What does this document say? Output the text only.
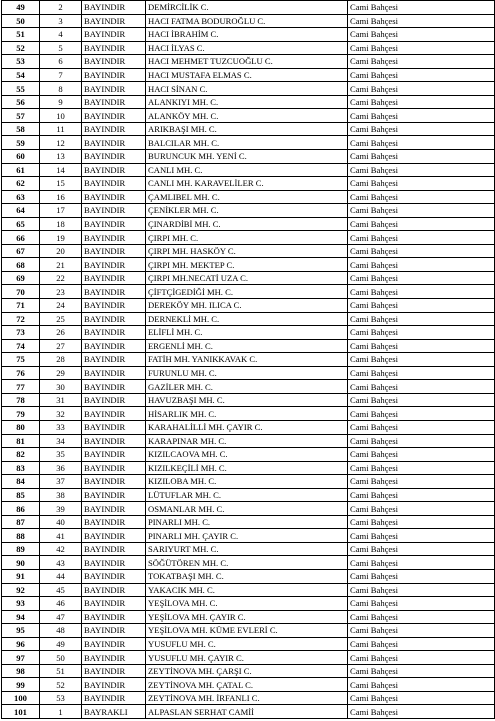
49	2	BAYINDIR	DEMİRCİLİK C.	Cami Bahçesi
50	3	BAYINDIR	HACI FATMA BODUROĞLU C.	Cami Bahçesi
51	4	BAYINDIR	HACI İBRAHİM C.	Cami Bahçesi
52	5	BAYINDIR	HACI İLYAS C.	Cami Bahçesi
53	6	BAYINDIR	HACI MEHMET TUZCUOĞLU C.	Cami Bahçesi
54	7	BAYINDIR	HACI MUSTAFA ELMAS C.	Cami Bahçesi
55	8	BAYINDIR	HACI SİNAN C.	Cami Bahçesi
56	9	BAYINDIR	ALANKIYI MH. C.	Cami Bahçesi
57	10	BAYINDIR	ALANKÖY MH. C.	Cami Bahçesi
58	11	BAYINDIR	ARIKBAŞI MH. C.	Cami Bahçesi
59	12	BAYINDIR	BALCILAR MH. C.	Cami Bahçesi
60	13	BAYINDIR	BURUNCUK MH. YENİ C.	Cami Bahçesi
61	14	BAYINDIR	CANLI MH. C.	Cami Bahçesi
62	15	BAYINDIR	CANLI MH. KARAVELİLER C.	Cami Bahçesi
63	16	BAYINDIR	ÇAMLIBEL MH. C.	Cami Bahçesi
64	17	BAYINDIR	ÇENİKLER MH. C.	Cami Bahçesi
65	18	BAYINDIR	ÇINARDİBİ MH. C.	Cami Bahçesi
66	19	BAYINDIR	ÇIRPI MH. C.	Cami Bahçesi
67	20	BAYINDIR	ÇIRPI MH. HASKÖY C.	Cami Bahçesi
68	21	BAYINDIR	ÇIRPI MH. MEKTEP C.	Cami Bahçesi
69	22	BAYINDIR	ÇIRPI MH.NECATİ UZA C.	Cami Bahçesi
70	23	BAYINDIR	ÇİFTÇİGEDİĞİ MH. C.	Cami Bahçesi
71	24	BAYINDIR	DEREKÖY MH. ILICA C.	Cami Bahçesi
72	25	BAYINDIR	DERNEKLİ MH. C.	Cami Bahçesi
73	26	BAYINDIR	ELİFLİ MH. C.	Cami Bahçesi
74	27	BAYINDIR	ERGENLİ MH. C.	Cami Bahçesi
75	28	BAYINDIR	FATİH MH. YANIKKAVAK C.	Cami Bahçesi
76	29	BAYINDIR	FURUNLU MH. C.	Cami Bahçesi
77	30	BAYINDIR	GAZİLER MH. C.	Cami Bahçesi
78	31	BAYINDIR	HAVUZBAŞI MH. C.	Cami Bahçesi
79	32	BAYINDIR	HİSARLIK MH. C.	Cami Bahçesi
80	33	BAYINDIR	KARAHALİLLİ MH. ÇAYIR C.	Cami Bahçesi
81	34	BAYINDIR	KARAPINAR MH. C.	Cami Bahçesi
82	35	BAYINDIR	KIZILCAOVA MH. C.	Cami Bahçesi
83	36	BAYINDIR	KIZILKEÇİLİ MH. C.	Cami Bahçesi
84	37	BAYINDIR	KIZILOBA MH. C.	Cami Bahçesi
85	38	BAYINDIR	LÜTUFLAR MH. C.	Cami Bahçesi
86	39	BAYINDIR	OSMANLAR MH. C.	Cami Bahçesi
87	40	BAYINDIR	PINARLI MH. C.	Cami Bahçesi
88	41	BAYINDIR	PINARLI MH. ÇAYIR C.	Cami Bahçesi
89	42	BAYINDIR	SARIYURT MH. C.	Cami Bahçesi
90	43	BAYINDIR	SÖĞÜTÖREN MH. C.	Cami Bahçesi
91	44	BAYINDIR	TOKATBAŞI MH. C.	Cami Bahçesi
92	45	BAYINDIR	YAKACIK MH. C.	Cami Bahçesi
93	46	BAYINDIR	YEŞİLOVA MH. C.	Cami Bahçesi
94	47	BAYINDIR	YEŞİLOVA MH. ÇAYIR C.	Cami Bahçesi
95	48	BAYINDIR	YEŞİLOVA MH. KÜME EVLERİ C.	Cami Bahçesi
96	49	BAYINDIR	YUSUFLU MH. C.	Cami Bahçesi
97	50	BAYINDIR	YUSUFLU MH. ÇAYIR C.	Cami Bahçesi
98	51	BAYINDIR	ZEYTİNOVA MH. ÇARŞI C.	Cami Bahçesi
99	52	BAYINDIR	ZEYTİNOVA MH. ÇATAL C.	Cami Bahçesi
100	53	BAYINDIR	ZEYTİNOVA MH. İRFANLI C.	Cami Bahçesi
101	1	BAYRAKLI	ALPASLAN SERHAT CAMİİ	Cami Bahçesi
